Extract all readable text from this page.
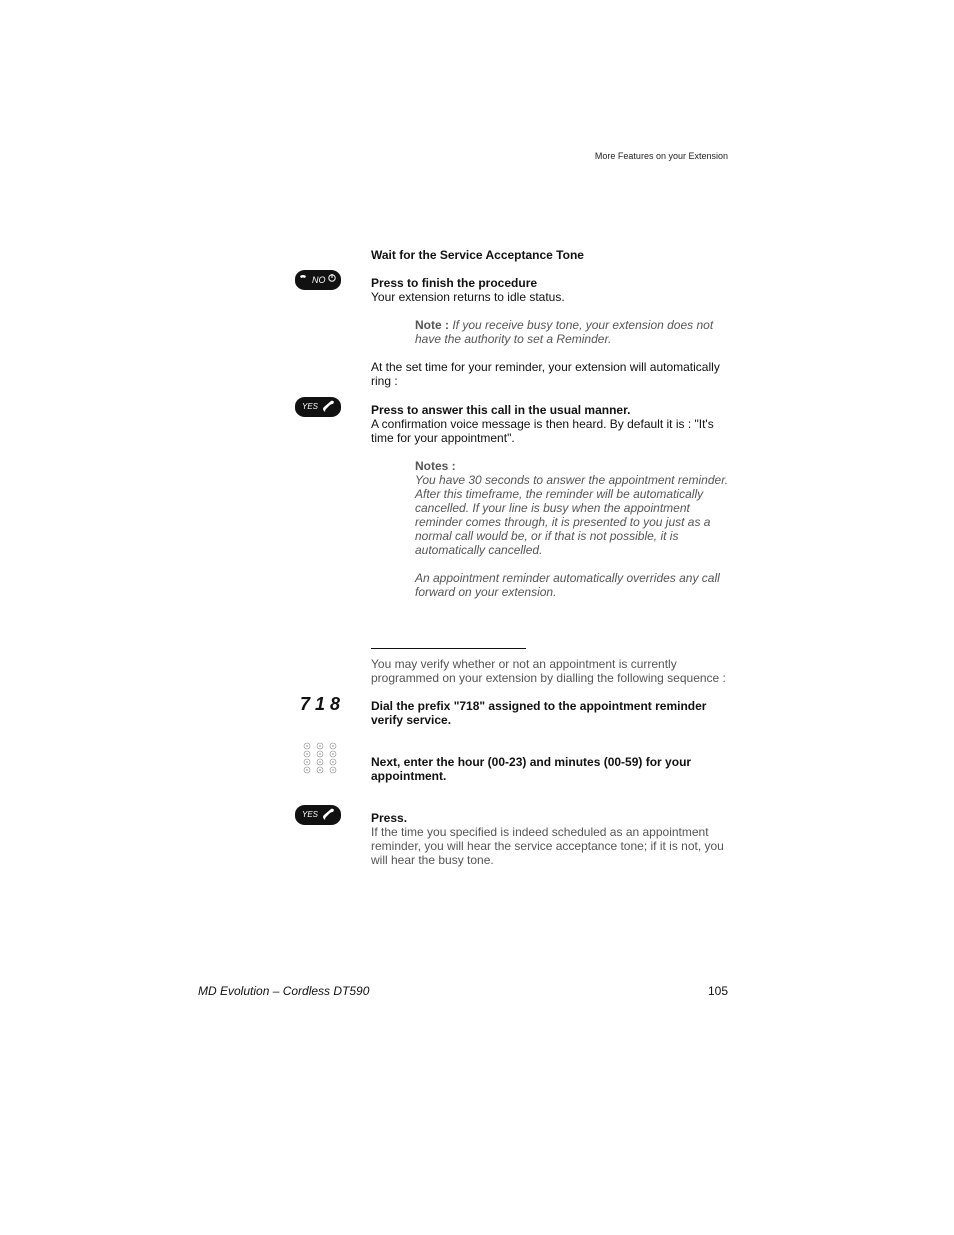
More Features on your Extension
Wait for the Service Acceptance Tone
NO	Press to finish the procedure
Your extension returns to idle status.
Note : If you receive busy tone, your extension does not have the authority to set a Reminder.
At the set time for your reminder, your extension will automatically ring :
YES	Press to answer this call in the usual manner.
A confirmation voice message is then heard. By default it is : "It's time for your appointment".
Notes :
You have 30 seconds to answer the appointment reminder. After this timeframe, the reminder will be automatically cancelled. If your line is busy when the appointment reminder comes through, it is presented to you just as a normal call would be, or if that is not possible, it is automatically cancelled.
An appointment reminder automatically overrides any call forward on your extension.
You may verify whether or not an appointment is currently programmed on your extension by dialling the following sequence :
718 Dial the prefix "718" assigned to the appointment reminder verify service.
Next, enter the hour (00-23) and minutes (00-59) for your appointment.
YES	Press.
If the time you specified is indeed scheduled as an appointment reminder, you will hear the service acceptance tone; if it is not, you will hear the busy tone.
MD Evolution – Cordless DT590	105
